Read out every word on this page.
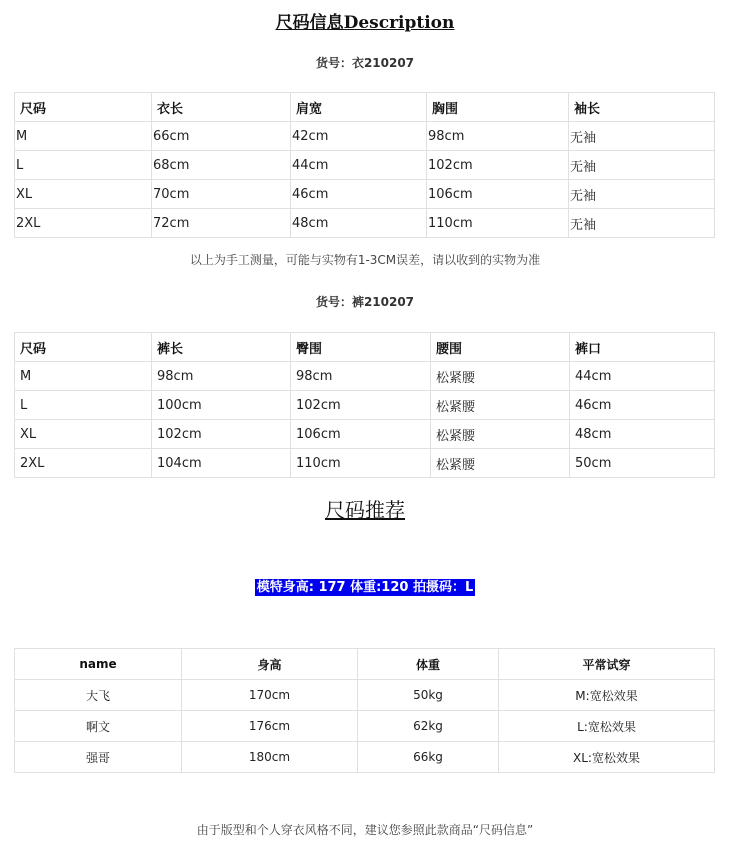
尺码信息Description
货号：衣210207
尺码	衣长	肩宽	胸围	袖长
M	66cm	42cm	98cm	无袖
L	68cm	44cm	102cm	无袖
XL	70cm	46cm	106cm	无袖
2XL	72cm	48cm	110cm	无袖
以上为手工测量，可能与实物有1-3CM误差，请以收到的实物为准
货号：裤210207
尺码	裤长	臀围	腰围	裤口
M	98cm	98cm	松紧腰	44cm
L	100cm	102cm	松紧腰	46cm
XL	102cm	106cm	松紧腰	48cm
2XL	104cm	110cm	松紧腰	50cm
尺码推荐
模特身高: 177 体重:120 拍摄码：L
name	身高	体重	平常试穿
大飞	170cm	50kg	M:宽松效果
啊文	176cm	62kg	L:宽松效果
强哥	180cm	66kg	XL:宽松效果
由于版型和个人穿衣风格不同，建议您参照此款商品“尺码信息”
